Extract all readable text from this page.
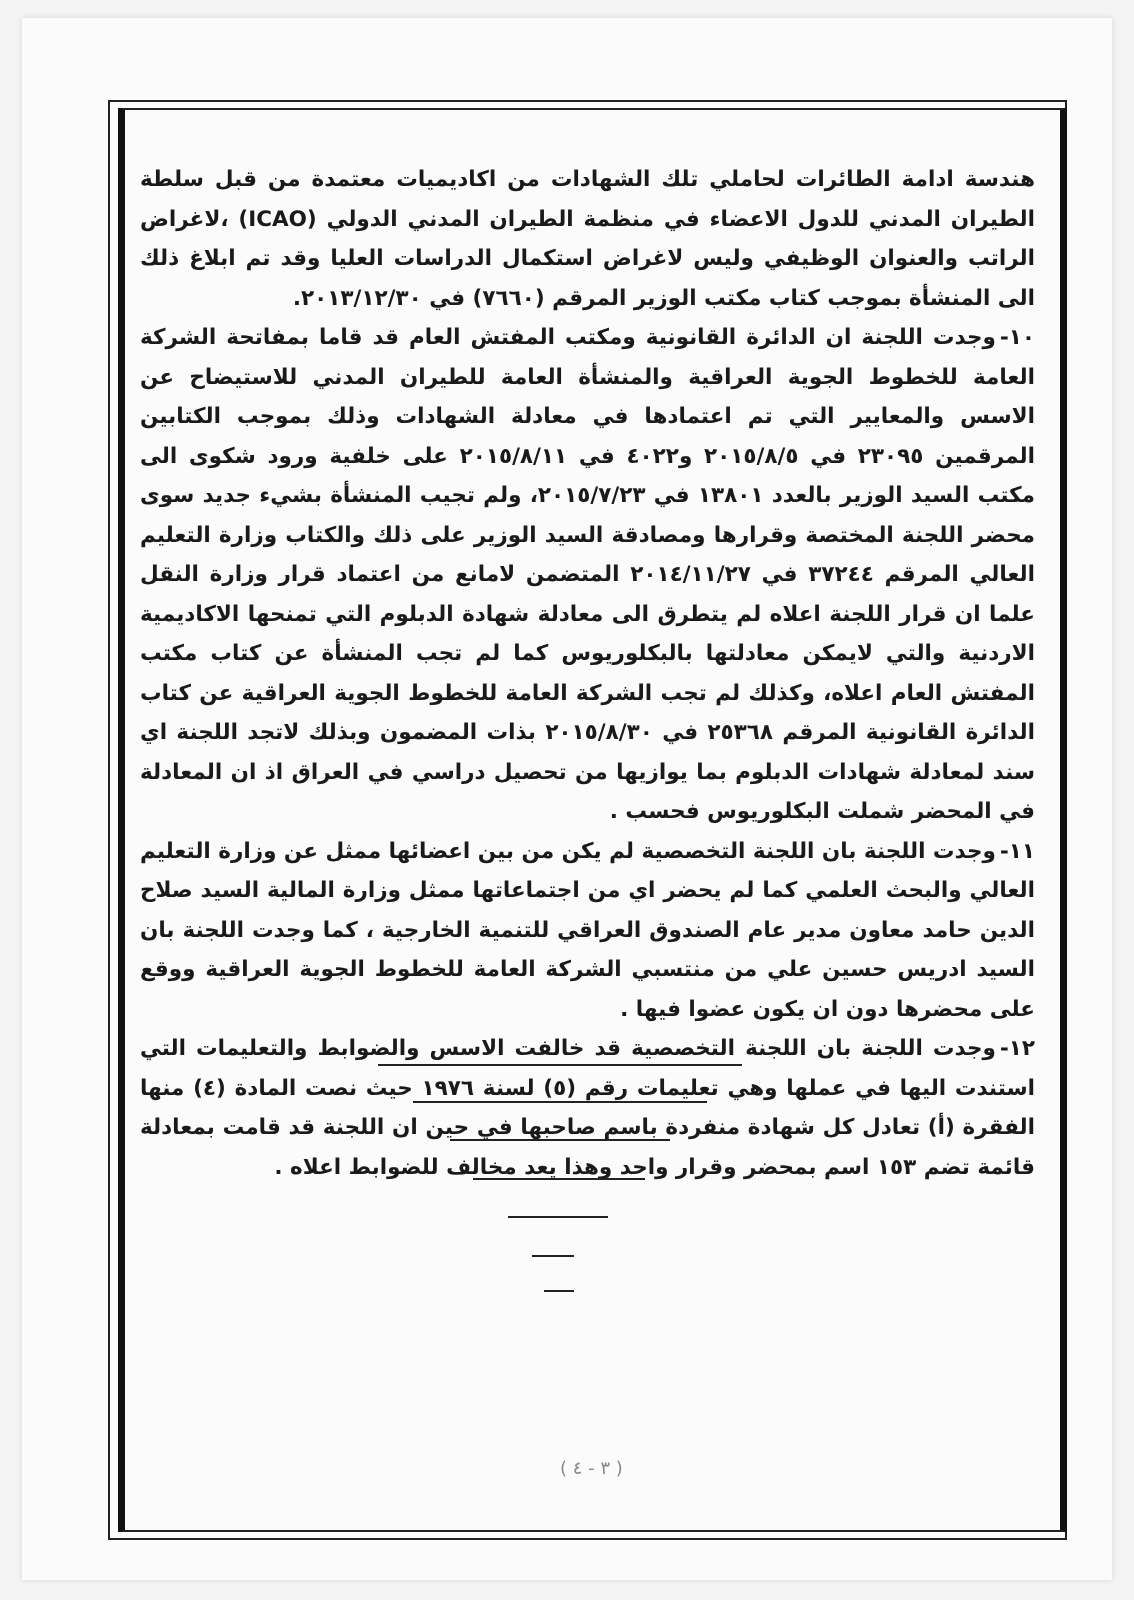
هندسة ادامة الطائرات لحاملي تلك الشهادات من اكاديميات معتمدة من قبل سلطة الطيران المدني للدول الاعضاء في منظمة الطيران المدني الدولي (ICAO) ،لاغراض الراتب والعنوان الوظيفي وليس لاغراض استكمال الدراسات العليا وقد تم ابلاغ ذلك الى المنشأة بموجب كتاب مكتب الوزير المرقم (٧٦٦٠) في ٢٠١٣/١٢/٣٠.

١٠-وجدت اللجنة ان الدائرة القانونية ومكتب المفتش العام قد قاما بمفاتحة الشركة العامة للخطوط الجوية العراقية والمنشأة العامة للطيران المدني للاستيضاح عن الاسس والمعايير التي تم اعتمادها في معادلة الشهادات وذلك بموجب الكتابين المرقمين ٢٣٠٩٥ في ٢٠١٥/٨/٥ و٤٠٢٢ في ٢٠١٥/٨/١١ على خلفية ورود شكوى الى مكتب السيد الوزير بالعدد ١٣٨٠١ في ٢٠١٥/٧/٢٣، ولم تجيب المنشأة بشيء جديد سوى محضر اللجنة المختصة وقرارها ومصادقة السيد الوزير على ذلك والكتاب وزارة التعليم العالي المرقم ٣٧٢٤٤ في ٢٠١٤/١١/٢٧ المتضمن لامانع من اعتماد قرار وزارة النقل علما ان قرار اللجنة اعلاه لم يتطرق الى معادلة شهادة الدبلوم التي تمنحها الاكاديمية الاردنية والتي لايمكن معادلتها بالبكلوريوس كما لم تجب المنشأة عن كتاب مكتب المفتش العام اعلاه، وكذلك لم تجب الشركة العامة للخطوط الجوية العراقية عن كتاب الدائرة القانونية المرقم ٢٥٣٦٨ في ٢٠١٥/٨/٣٠ بذات المضمون وبذلك لاتجد اللجنة اي سند لمعادلة شهادات الدبلوم بما يوازيها من تحصيل دراسي في العراق اذ ان المعادلة في المحضر شملت البكلوريوس فحسب .

١١-وجدت اللجنة بان اللجنة التخصصية لم يكن من بين اعضائها ممثل عن وزارة التعليم العالي والبحث العلمي كما لم يحضر اي من اجتماعاتها ممثل وزارة المالية السيد صلاح الدين حامد معاون مدير عام الصندوق العراقي للتنمية الخارجية ، كما وجدت اللجنة بان السيد ادريس حسين علي من منتسبي الشركة العامة للخطوط الجوية العراقية ووقع على محضرها دون ان يكون عضوا فيها .

١٢-وجدت اللجنة بان اللجنة التخصصية قد خالفت الاسس والضوابط والتعليمات التي استندت اليها في عملها وهي تعليمات رقم (٥) لسنة ١٩٧٦ حيث نصت المادة (٤) منها الفقرة (أ) تعادل كل شهادة منفردة باسم صاحبها في حين ان اللجنة قد قامت بمعادلة قائمة تضم ١٥٣ اسم بمحضر وقرار واحد وهذا يعد مخالف للضوابط اعلاه .

( ٣ - ٤ )
